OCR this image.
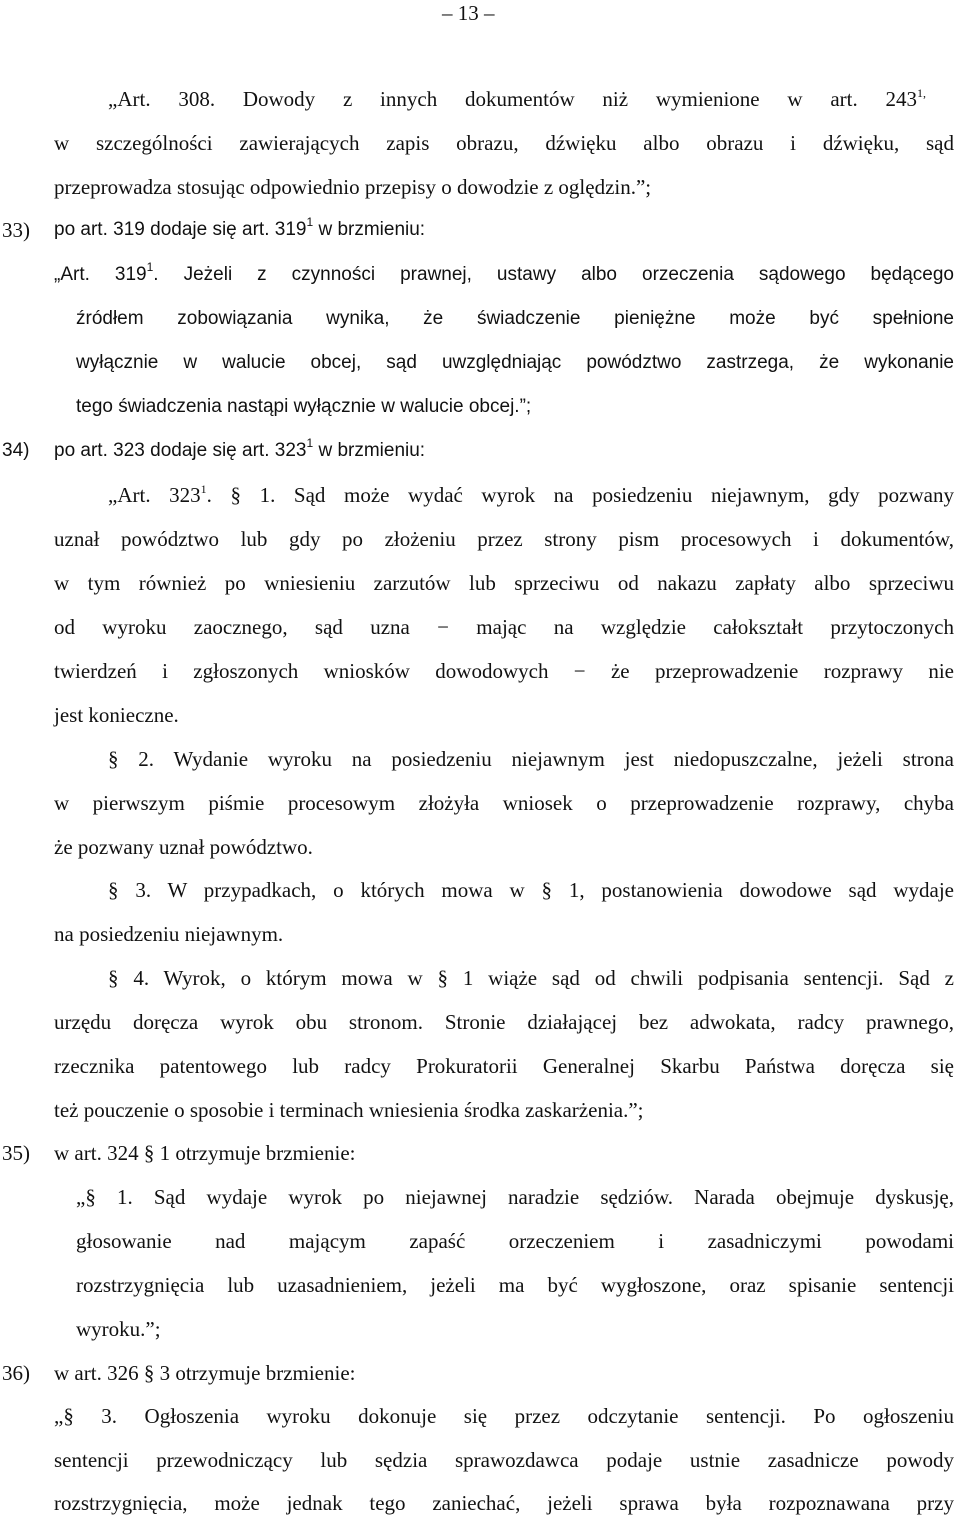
– 13 –
„Art. 308. Dowody z innych dokumentów niż wymienione w art. $243^{1,}$
w szczególności zawierających zapis obrazu, dźwięku albo obrazu i dźwięku, sąd
przeprowadza stosując odpowiednio przepisy o dowodzie z oględzin.”;
33) po art. 319 dodaje się art. $319^1$ w brzmieniu:
„Art. $319^1$. Jeżeli z czynności prawnej, ustawy albo orzeczenia sądowego będącego
źródłem zobowiązania wynika, że świadczenie pieniężne może być spełnione
wyłącznie w walucie obcej, sąd uwzględniając powództwo zastrzega, że wykonanie
tego świadczenia nastąpi wyłącznie w walucie obcej.”;
34) po art. 323 dodaje się art. $323^1$ w brzmieniu:
„Art. $323^1$. § 1. Sąd może wydać wyrok na posiedzeniu niejawnym, gdy pozwany
uznał powództwo lub gdy po złożeniu przez strony pism procesowych i dokumentów,
w tym również po wniesieniu zarzutów lub sprzeciwu od nakazu zapłaty albo sprzeciwu
od wyroku zaocznego, sąd uzna − mając na względzie całokształt przytoczonych
twierdzeń i zgłoszonych wniosków dowodowych − że przeprowadzenie rozprawy nie
jest konieczne.
§ 2. Wydanie wyroku na posiedzeniu niejawnym jest niedopuszczalne, jeżeli strona
w pierwszym piśmie procesowym złożyła wniosek o przeprowadzenie rozprawy, chyba
że pozwany uznał powództwo.
§ 3. W przypadkach, o których mowa w § 1, postanowienia dowodowe sąd wydaje
na posiedzeniu niejawnym.
§ 4. Wyrok, o którym mowa w § 1 wiąże sąd od chwili podpisania sentencji. Sąd z
urzędu doręcza wyrok obu stronom. Stronie działającej bez adwokata, radcy prawnego,
rzecznika patentowego lub radcy Prokuratorii Generalnej Skarbu Państwa doręcza się
też pouczenie o sposobie i terminach wniesienia środka zaskarżenia.”;
35) w art. 324 § 1 otrzymuje brzmienie:
„§ 1. Sąd wydaje wyrok po niejawnej naradzie sędziów. Narada obejmuje dyskusję,
głosowanie nad mającym zapaść orzeczeniem i zasadniczymi powodami
rozstrzygnięcia lub uzasadnieniem, jeżeli ma być wygłoszone, oraz spisanie sentencji
wyroku.”;
36) w art. 326 § 3 otrzymuje brzmienie:
„§ 3. Ogłoszenia wyroku dokonuje się przez odczytanie sentencji. Po ogłoszeniu
sentencji przewodniczący lub sędzia sprawozdawca podaje ustnie zasadnicze powody
rozstrzygnięcia, może jednak tego zaniechać, jeżeli sprawa była rozpoznawana przy
